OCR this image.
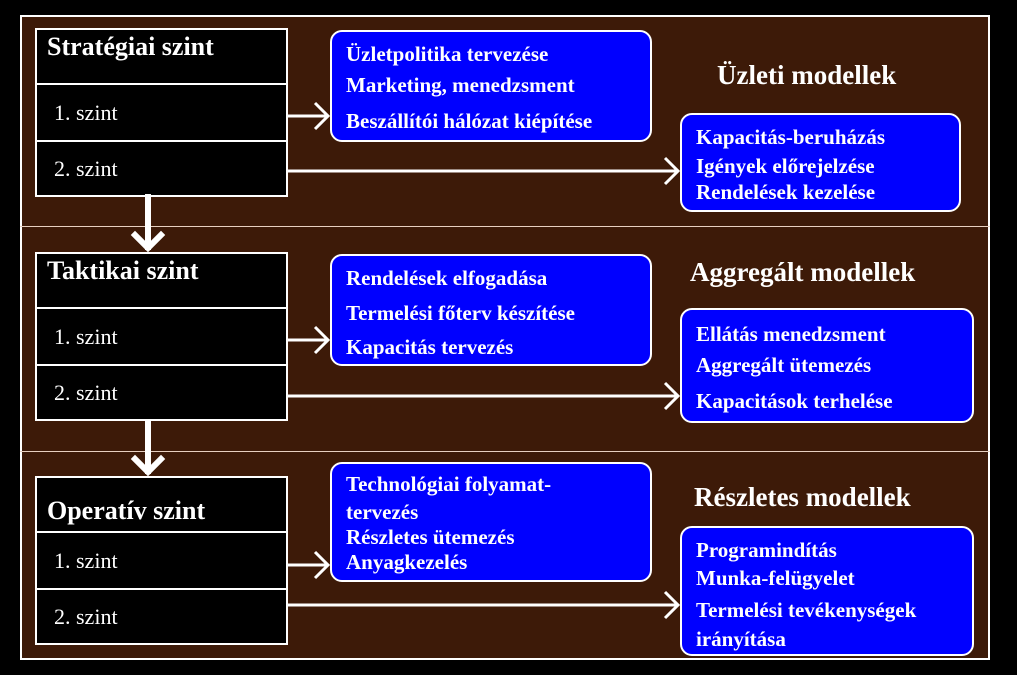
Stratégiai szint
1. szint
2. szint
Üzletpolitika tervezése
Marketing, menedzsment
Beszállítói hálózat kiépítése
Üzleti modellek
Kapacitás-beruházás
Igények előrejelzése
Rendelések kezelése
Taktikai szint
1. szint
2. szint
Rendelések elfogadása
Termelési főterv készítése
Kapacitás tervezés
Aggregált modellek
Ellátás menedzsment
Aggregált ütemezés
Kapacitások terhelése
Operatív szint
1. szint
2. szint
Technológiai folyamat-
tervezés
Részletes ütemezés
Anyagkezelés
Részletes modellek
Programindítás
Munka-felügyelet
Termelési tevékenységek
irányítása
